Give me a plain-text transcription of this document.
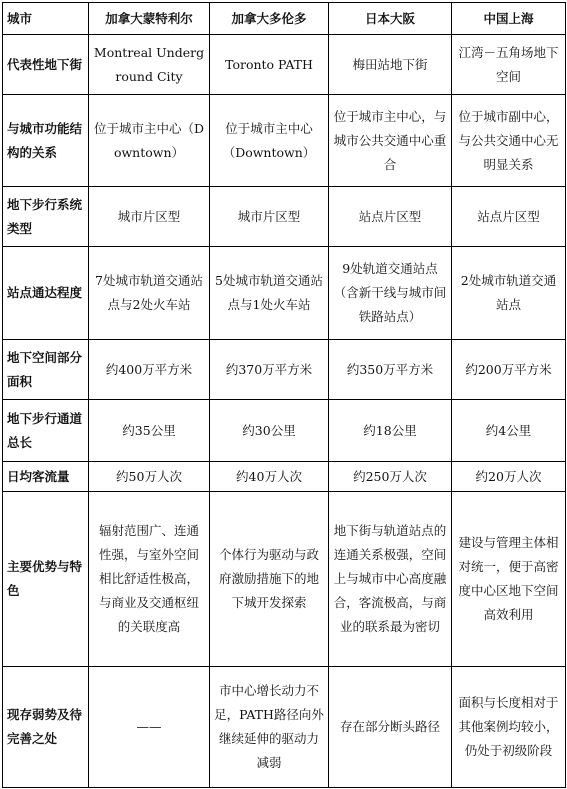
城市	加拿大蒙特利尔	加拿大多伦多	日本大阪	中国上海
代表性地下街	Montreal Underground City	Toronto PATH	梅田站地下街	江湾－五角场地下空间
与城市功能结构的关系	位于城市主中心（Downtown）	位于城市主中心（Downtown）	位于城市主中心，与城市公共交通中心重合	位于城市副中心，与公共交通中心无明显关系
地下步行系统类型	城市片区型	城市片区型	站点片区型	站点片区型
站点通达程度	7处城市轨道交通站点与2处火车站	5处城市轨道交通站点与1处火车站	9处轨道交通站点（含新干线与城市间铁路站点）	2处城市轨道交通站点
地下空间部分面积	约400万平方米	约370万平方米	约350万平方米	约200万平方米
地下步行通道总长	约35公里	约30公里	约18公里	约4公里
日均客流量	约50万人次	约40万人次	约250万人次	约20万人次
主要优势与特色	辐射范围广、连通性强，与室外空间相比舒适性极高，与商业及交通枢纽的关联度高	个体行为驱动与政府激励措施下的地下城开发探索	地下街与轨道站点的连通关系极强，空间上与城市中心高度融合，客流极高，与商业的联系最为密切	建设与管理主体相对统一，便于高密度中心区地下空间高效利用
现存弱势及待完善之处	——	市中心增长动力不足，PATH路径向外继续延伸的驱动力减弱	存在部分断头路径	面积与长度相对于其他案例均较小，仍处于初级阶段
